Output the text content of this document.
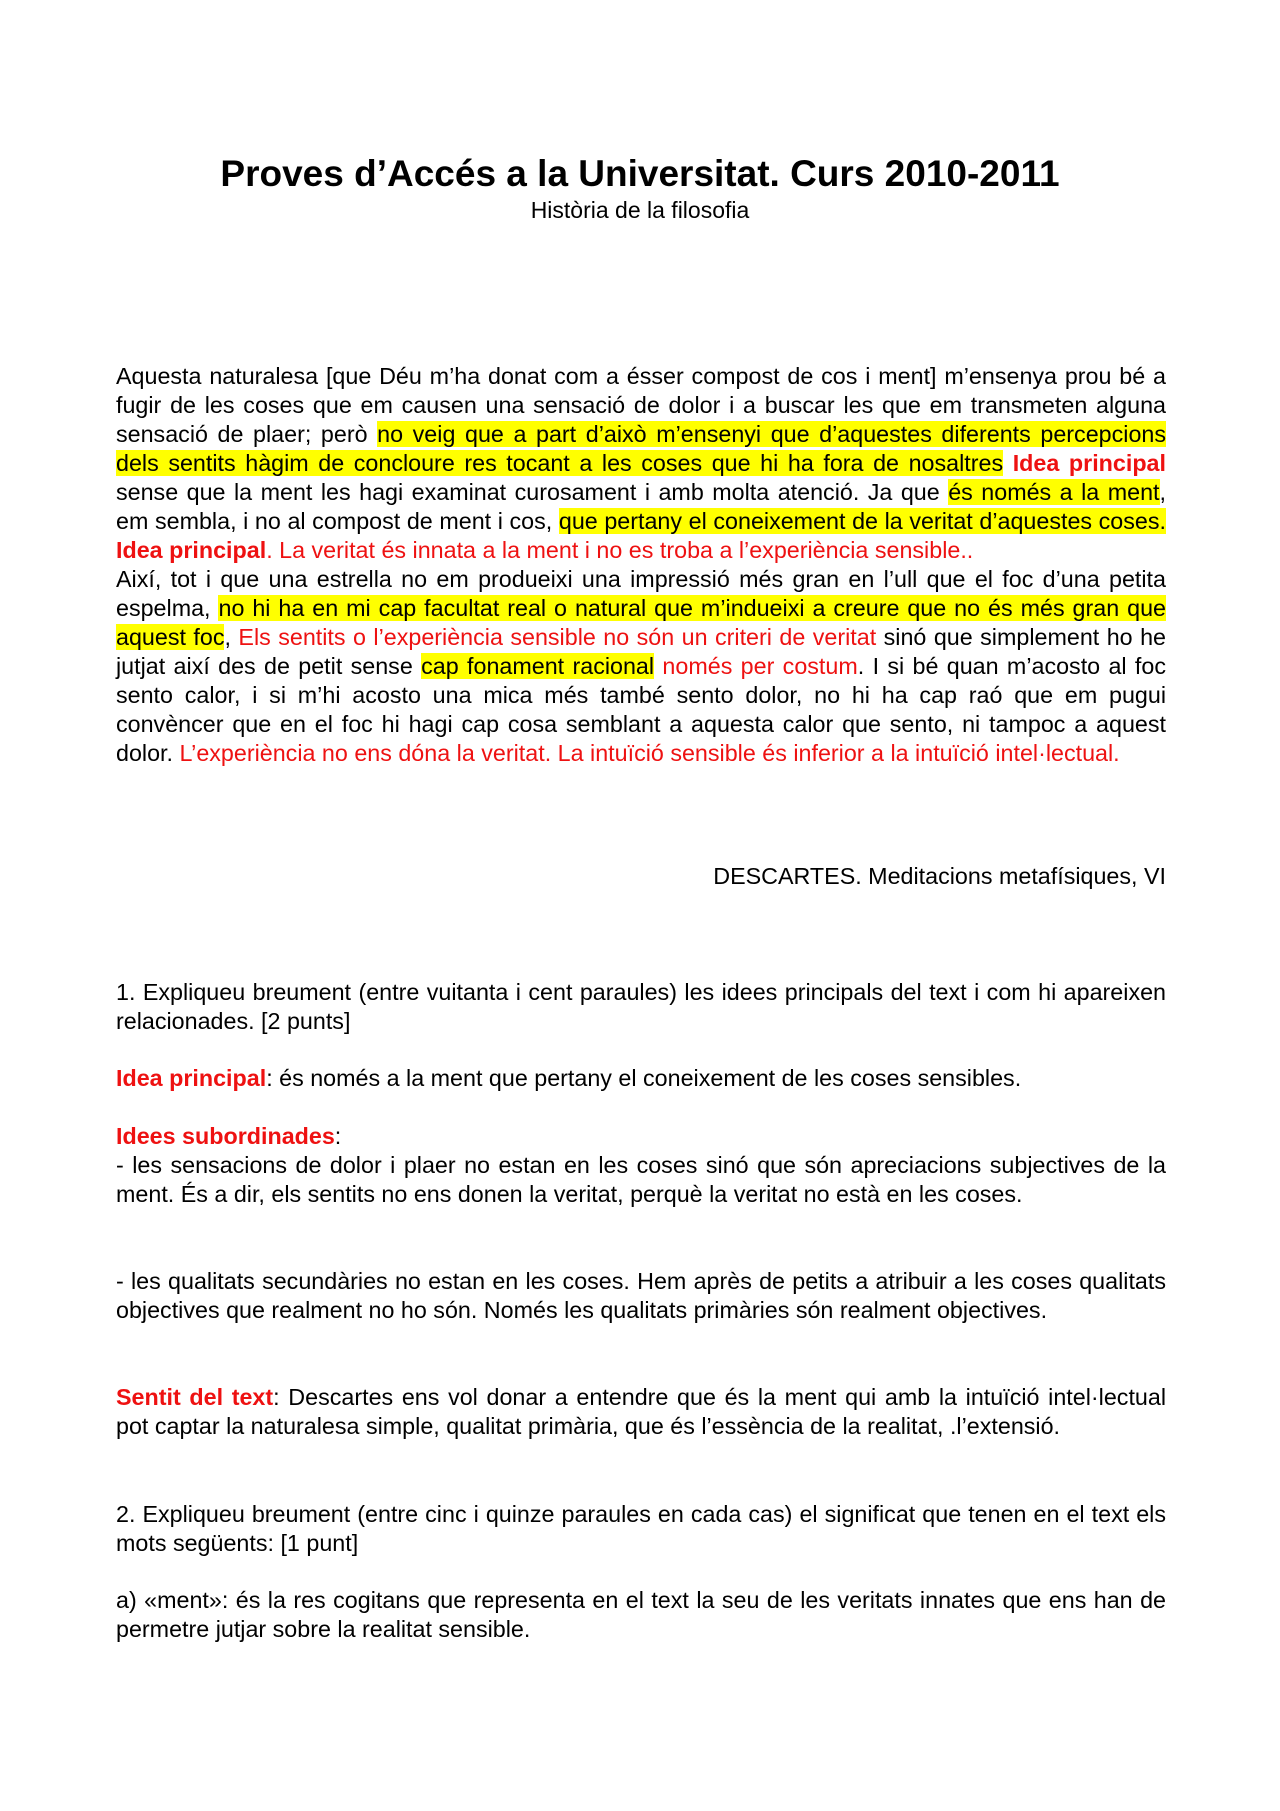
Proves d’Accés a la Universitat. Curs 2010-2011
Història de la filosofia

Aquesta naturalesa [que Déu m’ha donat com a ésser compost de cos i ment] m’ensenya prou bé a fugir de les coses que em causen una sensació de dolor i a buscar les que em transmeten alguna sensació de plaer; però no veig que a part d’això m’ensenyi que d’aquestes diferents percepcions dels sentits hàgim de concloure res tocant a les coses que hi ha fora de nosaltres Idea principal sense que la ment les hagi examinat curosament i amb molta atenció. Ja que és només a la ment, em sembla, i no al compost de ment i cos, que pertany el coneixement de la veritat d’aquestes coses. Idea principal. La veritat és innata a la ment i no es troba a l’experiència sensible..

Així, tot i que una estrella no em produeixi una impressió més gran en l’ull que el foc d’una petita espelma, no hi ha en mi cap facultat real o natural que m’indueixi a creure que no és més gran que aquest foc, Els sentits o l’experiència sensible no són un criteri de veritat sinó que simplement ho he jutjat així des de petit sense cap fonament racional només per costum. I si bé quan m’acosto al foc sento calor, i si m’hi acosto una mica més també sento dolor, no hi ha cap raó que em pugui convèncer que en el foc hi hagi cap cosa semblant a aquesta calor que sento, ni tampoc a aquest dolor. L’experiència no ens dóna la veritat. La intuïció sensible és inferior a la intuïció intel·lectual.

DESCARTES. Meditacions metafísiques, VI

1. Expliqueu breument (entre vuitanta i cent paraules) les idees principals del text i com hi apareixen relacionades. [2 punts]

Idea principal: és només a la ment que pertany el coneixement de les coses sensibles.

Idees subordinades:

- les sensacions de dolor i plaer no estan en les coses sinó que són apreciacions subjectives de la ment. És a dir, els sentits no ens donen la veritat, perquè la veritat no està en les coses.

- les qualitats secundàries no estan en les coses. Hem après de petits a atribuir a les coses qualitats objectives que realment no ho són. Només les qualitats primàries són realment objectives.

Sentit del text: Descartes ens vol donar a entendre que és la ment qui amb la intuïció intel·lectual pot captar la naturalesa simple, qualitat primària, que és l’essència de la realitat, .l’extensió.

2. Expliqueu breument (entre cinc i quinze paraules en cada cas) el significat que tenen en el text els mots següents: [1 punt]

a) «ment»: és la res cogitans que representa en el text la seu de les veritats innates que ens han de permetre jutjar sobre la realitat sensible.
